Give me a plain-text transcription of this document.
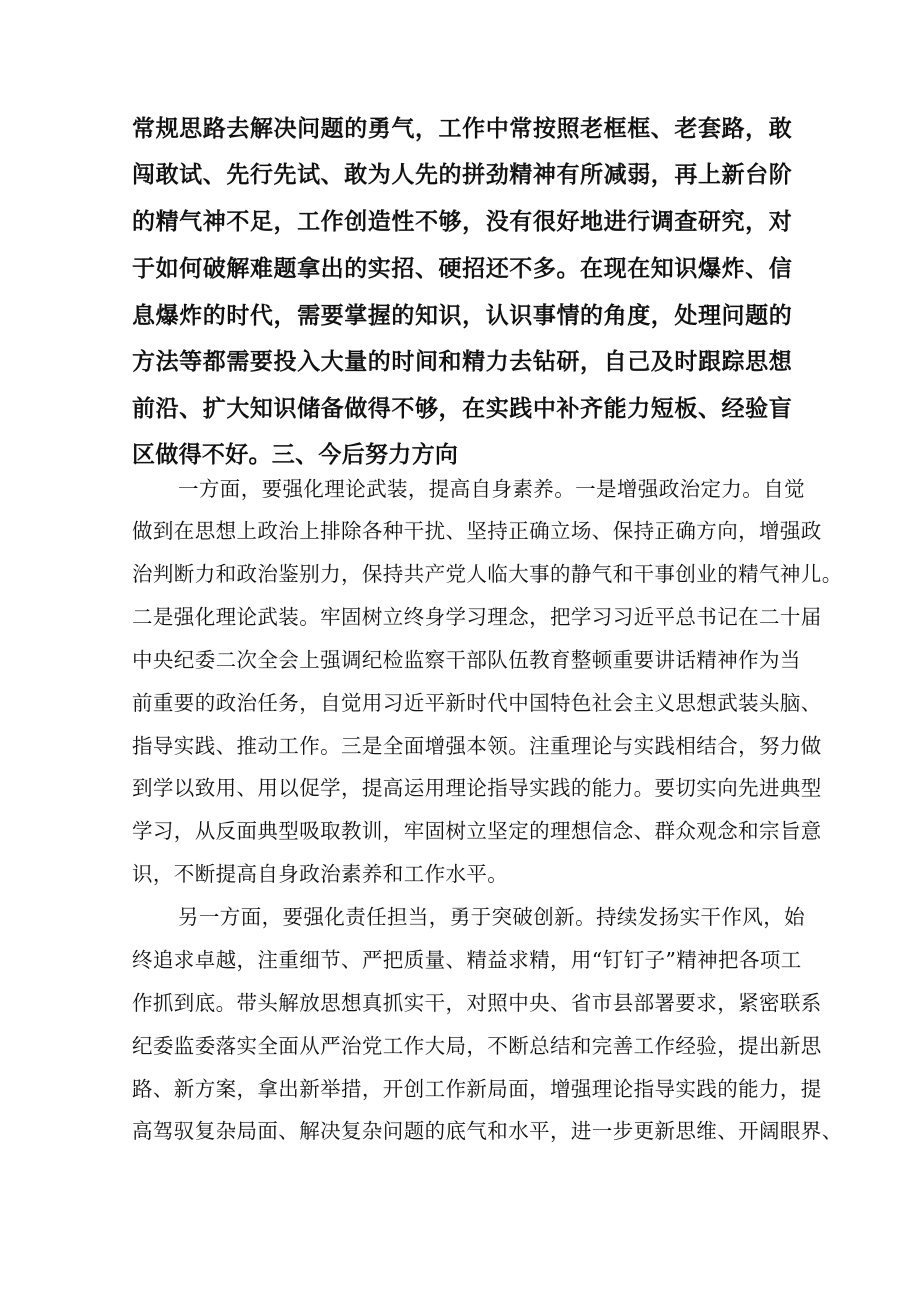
常规思路去解决问题的勇气，工作中常按照老框框、老套路，敢
闯敢试、先行先试、敢为人先的拼劲精神有所减弱，再上新台阶
的精气神不足，工作创造性不够，没有很好地进行调查研究，对
于如何破解难题拿出的实招、硬招还不多。在现在知识爆炸、信
息爆炸的时代，需要掌握的知识，认识事情的角度，处理问题的
方法等都需要投入大量的时间和精力去钻研，自己及时跟踪思想
前沿、扩大知识储备做得不够，在实践中补齐能力短板、经验盲
区做得不好。三、今后努力方向
一方面，要强化理论武装，提高自身素养。一是增强政治定力。自觉
做到在思想上政治上排除各种干扰、坚持正确立场、保持正确方向，增强政
治判断力和政治鉴别力，保持共产党人临大事的静气和干事创业的精气神儿。
二是强化理论武装。牢固树立终身学习理念，把学习习近平总书记在二十届
中央纪委二次全会上强调纪检监察干部队伍教育整顿重要讲话精神作为当
前重要的政治任务，自觉用习近平新时代中国特色社会主义思想武装头脑、
指导实践、推动工作。三是全面增强本领。注重理论与实践相结合，努力做
到学以致用、用以促学，提高运用理论指导实践的能力。要切实向先进典型
学习，从反面典型吸取教训，牢固树立坚定的理想信念、群众观念和宗旨意
识，不断提高自身政治素养和工作水平。
另一方面，要强化责任担当，勇于突破创新。持续发扬实干作风，始
终追求卓越，注重细节、严把质量、精益求精，用“钉钉子”精神把各项工
作抓到底。带头解放思想真抓实干，对照中央、省市县部署要求，紧密联系
纪委监委落实全面从严治党工作大局，不断总结和完善工作经验，提出新思
路、新方案，拿出新举措，开创工作新局面，增强理论指导实践的能力，提
高驾驭复杂局面、解决复杂问题的底气和水平，进一步更新思维、开阔眼界、
